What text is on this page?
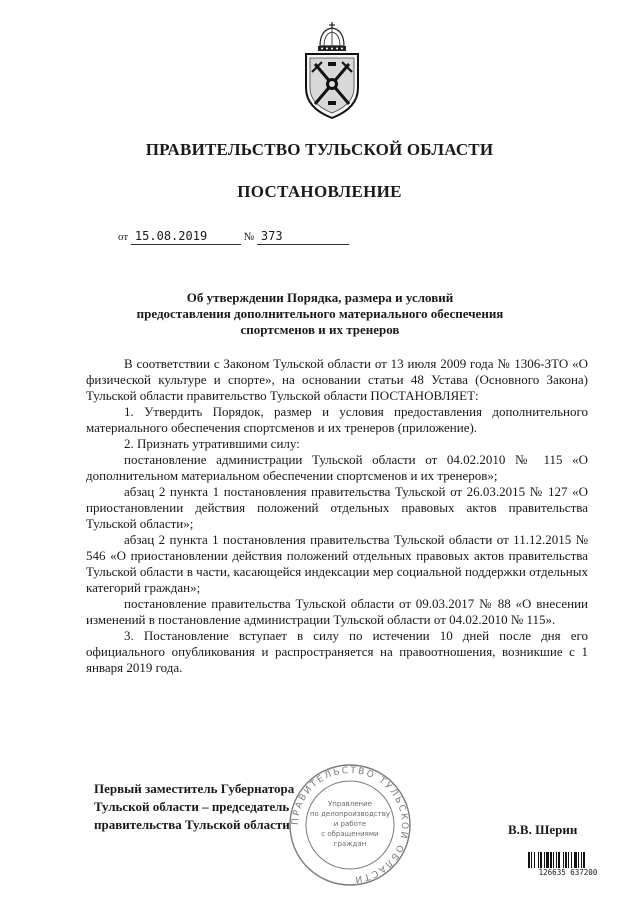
ПРАВИТЕЛЬСТВО ТУЛЬСКОЙ ОБЛАСТИ
ПОСТАНОВЛЕНИЕ
от 15.08.2019	№ 373
Об утверждении Порядка, размера и условий
предоставления дополнительного материального обеспечения
спортсменов и их тренеров

В соответствии с Законом Тульской области от 13 июля 2009 года № 1306-ЗТО «О физической культуре и спорте», на основании статьи 48 Устава (Основного Закона) Тульской области правительство Тульской области ПОСТАНОВЛЯЕТ:

1. Утвердить Порядок, размер и условия предоставления дополнительного материального обеспечения спортсменов и их тренеров (приложение).

2. Признать утратившими силу:

постановление администрации Тульской области от 04.02.2010 № 115 «О дополнительном материальном обеспечении спортсменов и их тренеров»;

абзац 2 пункта 1 постановления правительства Тульской от 26.03.2015 № 127 «О приостановлении действия положений отдельных правовых актов правительства Тульской области»;

абзац 2 пункта 1 постановления правительства Тульской области от 11.12.2015 № 546 «О приостановлении действия положений отдельных правовых актов правительства Тульской области в части, касающейся индексации мер социальной поддержки отдельных категорий граждан»;

постановление правительства Тульской области от 09.03.2017 № 88 «О внесении изменений в постановление администрации Тульской области от 04.02.2010 № 115».

3. Постановление вступает в силу по истечении 10 дней после дня его официального опубликования и распространяется на правоотношения, возникшие с 1 января 2019 года.

Первый заместитель Губернатора
Тульской области – председатель
правительства Тульской области ПРАВИТЕЛЬСТВО ТУЛЬСКОЙ ОБЛАСТИ
Управление
по делопроизводству
и работе
с обращениями
граждан
В.В. Шерин
126635 637200
